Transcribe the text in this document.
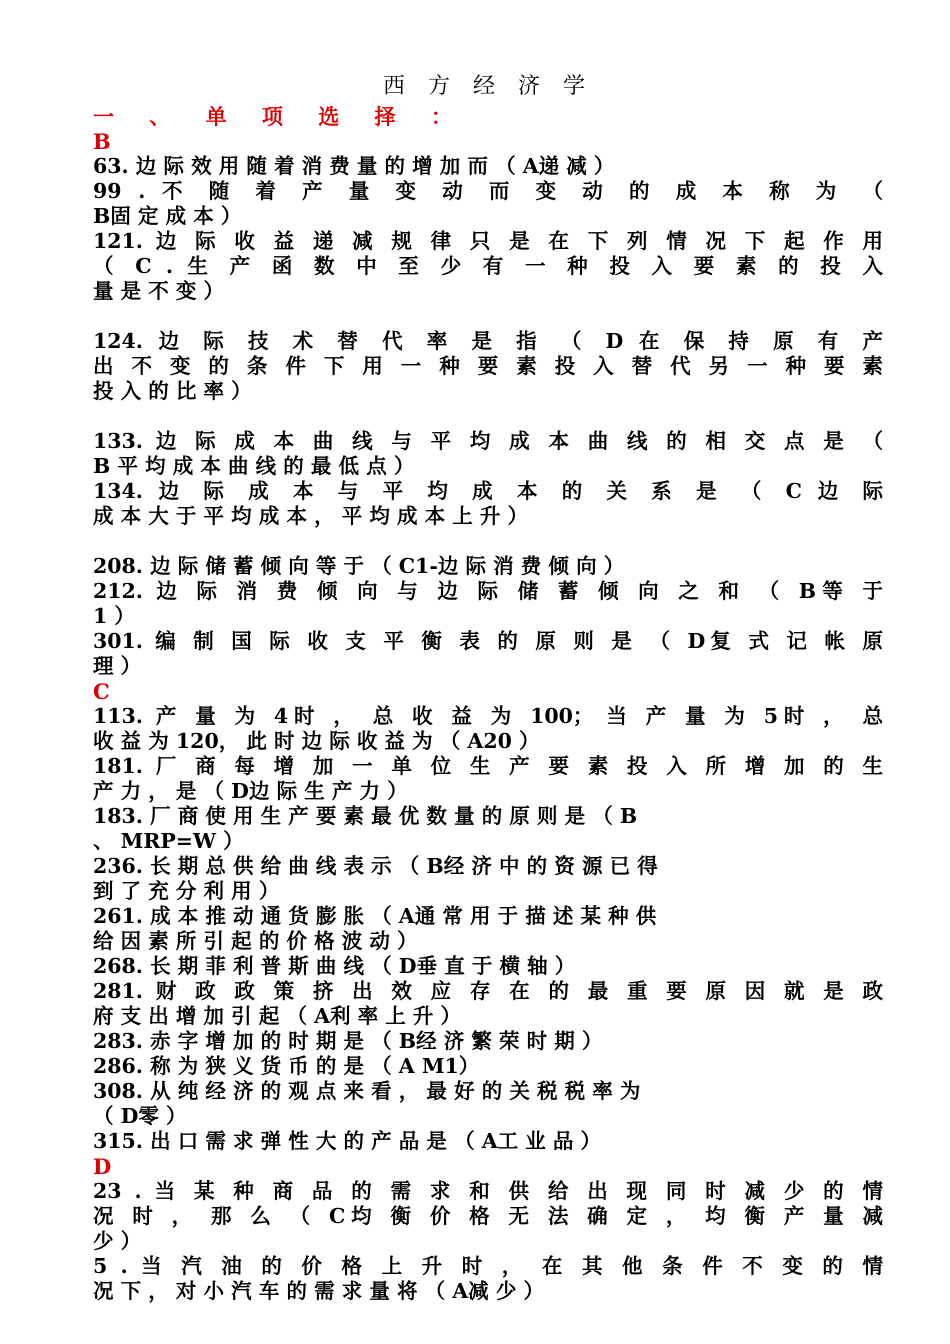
西 方 经 济 学
一 、 单 项 选 择 ：
B
63. 边 际 效 用 随 着 消 费 量 的 增 加 而 （ A递 减 ）
99 . 不 随 着 产 量 变 动 而 变 动 的 成 本 称 为 （
B固 定 成 本 ）
121. 边 际 收 益 递 减 规 律 只 是 在 下 列 情 况 下 起 作 用
（ C . 生 产 函 数 中 至 少 有 一 种 投 入 要 素 的 投 入
量 是 不 变 ）
124. 边 际 技 术 替 代 率 是 指 （ D 在 保 持 原 有 产
出 不 变 的 条 件 下 用 一 种 要 素 投 入 替 代 另 一 种 要 素
投 入 的 比 率 ）
133. 边 际 成 本 曲 线 与 平 均 成 本 曲 线 的 相 交 点 是 （
B 平 均 成 本 曲 线 的 最 低 点 ）
134. 边 际 成 本 与 平 均 成 本 的 关 系 是 （ C 边 际
成 本 大 于 平 均 成 本 ， 平 均 成 本 上 升 ）
208. 边 际 储 蓄 倾 向 等 于 （ C1-边 际 消 费 倾 向 ）
212. 边 际 消 费 倾 向 与 边 际 储 蓄 倾 向 之 和 （ B等 于
1 ）
301. 编 制 国 际 收 支 平 衡 表 的 原 则 是 （ D复 式 记 帐 原
理 ）
C
113. 产 量 为 4时 ， 总 收 益 为 100； 当 产 量 为 5时 ， 总
收 益 为 120， 此 时 边 际 收 益 为 （ A20 ）
181. 厂 商 每 增 加 一 单 位 生 产 要 素 投 入 所 增 加 的 生
产 力 ， 是 （ D边 际 生 产 力 ）
183. 厂 商 使 用 生 产 要 素 最 优 数 量 的 原 则 是 （ B
、 MRP=W ）
236. 长 期 总 供 给 曲 线 表 示 （ B经 济 中 的 资 源 已 得
到 了 充 分 利 用 ）
261. 成 本 推 动 通 货 膨 胀 （ A通 常 用 于 描 述 某 种 供
给 因 素 所 引 起 的 价 格 波 动 ）
268. 长 期 菲 利 普 斯 曲 线 （ D垂 直 于 横 轴 ）
281. 财 政 政 策 挤 出 效 应 存 在 的 最 重 要 原 因 就 是 政
府 支 出 增 加 引 起 （ A利 率 上 升 ）
283. 赤 字 增 加 的 时 期 是 （ B经 济 繁 荣 时 期 ）
286. 称 为 狭 义 货 币 的 是 （ A M1）
308. 从 纯 经 济 的 观 点 来 看 ， 最 好 的 关 税 税 率 为
（ D零 ）
315. 出 口 需 求 弹 性 大 的 产 品 是 （ A工 业 品 ）
D
23 . 当 某 种 商 品 的 需 求 和 供 给 出 现 同 时 减 少 的 情
况 时 ， 那 么 （ C均 衡 价 格 无 法 确 定 ， 均 衡 产 量 减
少 ）
5 . 当 汽 油 的 价 格 上 升 时 ， 在 其 他 条 件 不 变 的 情
况 下 ， 对 小 汽 车 的 需 求 量 将 （ A减 少 ）
